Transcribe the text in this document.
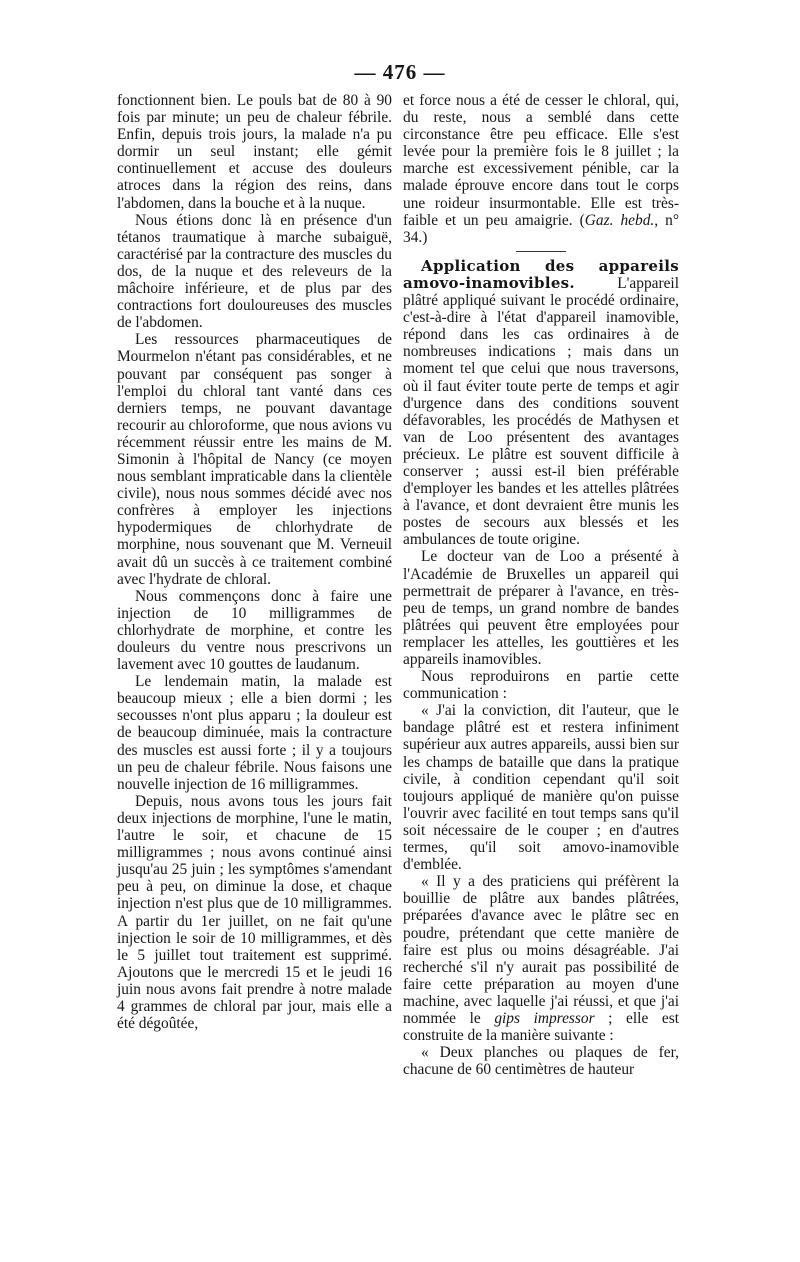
— 476 —

fonctionnent bien. Le pouls bat de 80 à 90 fois par minute; un peu de chaleur fébrile. Enfin, depuis trois jours, la malade n'a pu dormir un seul instant; elle gémit continuellement et accuse des douleurs atroces dans la région des reins, dans l'abdomen, dans la bouche et à la nuque.

Nous étions donc là en présence d'un tétanos traumatique à marche subaiguë, caractérisé par la contracture des muscles du dos, de la nuque et des releveurs de la mâchoire inférieure, et de plus par des contractions fort douloureuses des muscles de l'abdomen.

Les ressources pharmaceutiques de Mourmelon n'étant pas considérables, et ne pouvant par conséquent pas songer à l'emploi du chloral tant vanté dans ces derniers temps, ne pouvant davantage recourir au chloroforme, que nous avions vu récemment réussir entre les mains de M. Simonin à l'hôpital de Nancy (ce moyen nous semblant impraticable dans la clientèle civile), nous nous sommes décidé avec nos confrères à employer les injections hypodermiques de chlorhydrate de morphine, nous souvenant que M. Verneuil avait dû un succès à ce traitement combiné avec l'hydrate de chloral.

Nous commençons donc à faire une injection de 10 milligrammes de chlorhydrate de morphine, et contre les douleurs du ventre nous prescrivons un lavement avec 10 gouttes de laudanum.

Le lendemain matin, la malade est beaucoup mieux ; elle a bien dormi ; les secousses n'ont plus apparu ; la douleur est de beaucoup diminuée, mais la contracture des muscles est aussi forte ; il y a toujours un peu de chaleur fébrile. Nous faisons une nouvelle injection de 16 milligrammes.

Depuis, nous avons tous les jours fait deux injections de morphine, l'une le matin, l'autre le soir, et chacune de 15 milligrammes ; nous avons continué ainsi jusqu'au 25 juin ; les symptômes s'amendant peu à peu, on diminue la dose, et chaque injection n'est plus que de 10 milligrammes. A partir du 1er juillet, on ne fait qu'une injection le soir de 10 milligrammes, et dès le 5 juillet tout traitement est supprimé. Ajoutons que le mercredi 15 et le jeudi 16 juin nous avons fait prendre à notre malade 4 grammes de chloral par jour, mais elle a été dégoûtée,

et force nous a été de cesser le chloral, qui, du reste, nous a semblé dans cette circonstance être peu efficace. Elle s'est levée pour la première fois le 8 juillet ; la marche est excessivement pénible, car la malade éprouve encore dans tout le corps une roideur insurmontable. Elle est très-faible et un peu amaigrie. (Gaz. hebd., n° 34.)

Application des appareils amovo-inamovibles. L'appareil plâtré appliqué suivant le procédé ordinaire, c'est-à-dire à l'état d'appareil inamovible, répond dans les cas ordinaires à de nombreuses indications ; mais dans un moment tel que celui que nous traversons, où il faut éviter toute perte de temps et agir d'urgence dans des conditions souvent défavorables, les procédés de Mathysen et van de Loo présentent des avantages précieux. Le plâtre est souvent difficile à conserver ; aussi est-il bien préférable d'employer les bandes et les attelles plâtrées à l'avance, et dont devraient être munis les postes de secours aux blessés et les ambulances de toute origine.

Le docteur van de Loo a présenté à l'Académie de Bruxelles un appareil qui permettrait de préparer à l'avance, en très-peu de temps, un grand nombre de bandes plâtrées qui peuvent être employées pour remplacer les attelles, les gouttières et les appareils inamovibles.

Nous reproduirons en partie cette communication :

« J'ai la conviction, dit l'auteur, que le bandage plâtré est et restera infiniment supérieur aux autres appareils, aussi bien sur les champs de bataille que dans la pratique civile, à condition cependant qu'il soit toujours appliqué de manière qu'on puisse l'ouvrir avec facilité en tout temps sans qu'il soit nécessaire de le couper ; en d'autres termes, qu'il soit amovo-inamovible d'emblée.

« Il y a des praticiens qui préfèrent la bouillie de plâtre aux bandes plâtrées, préparées d'avance avec le plâtre sec en poudre, prétendant que cette manière de faire est plus ou moins désagréable. J'ai recherché s'il n'y aurait pas possibilité de faire cette préparation au moyen d'une machine, avec laquelle j'ai réussi, et que j'ai nommée le gips impressor ; elle est construite de la manière suivante :

« Deux planches ou plaques de fer, chacune de 60 centimètres de hauteur
